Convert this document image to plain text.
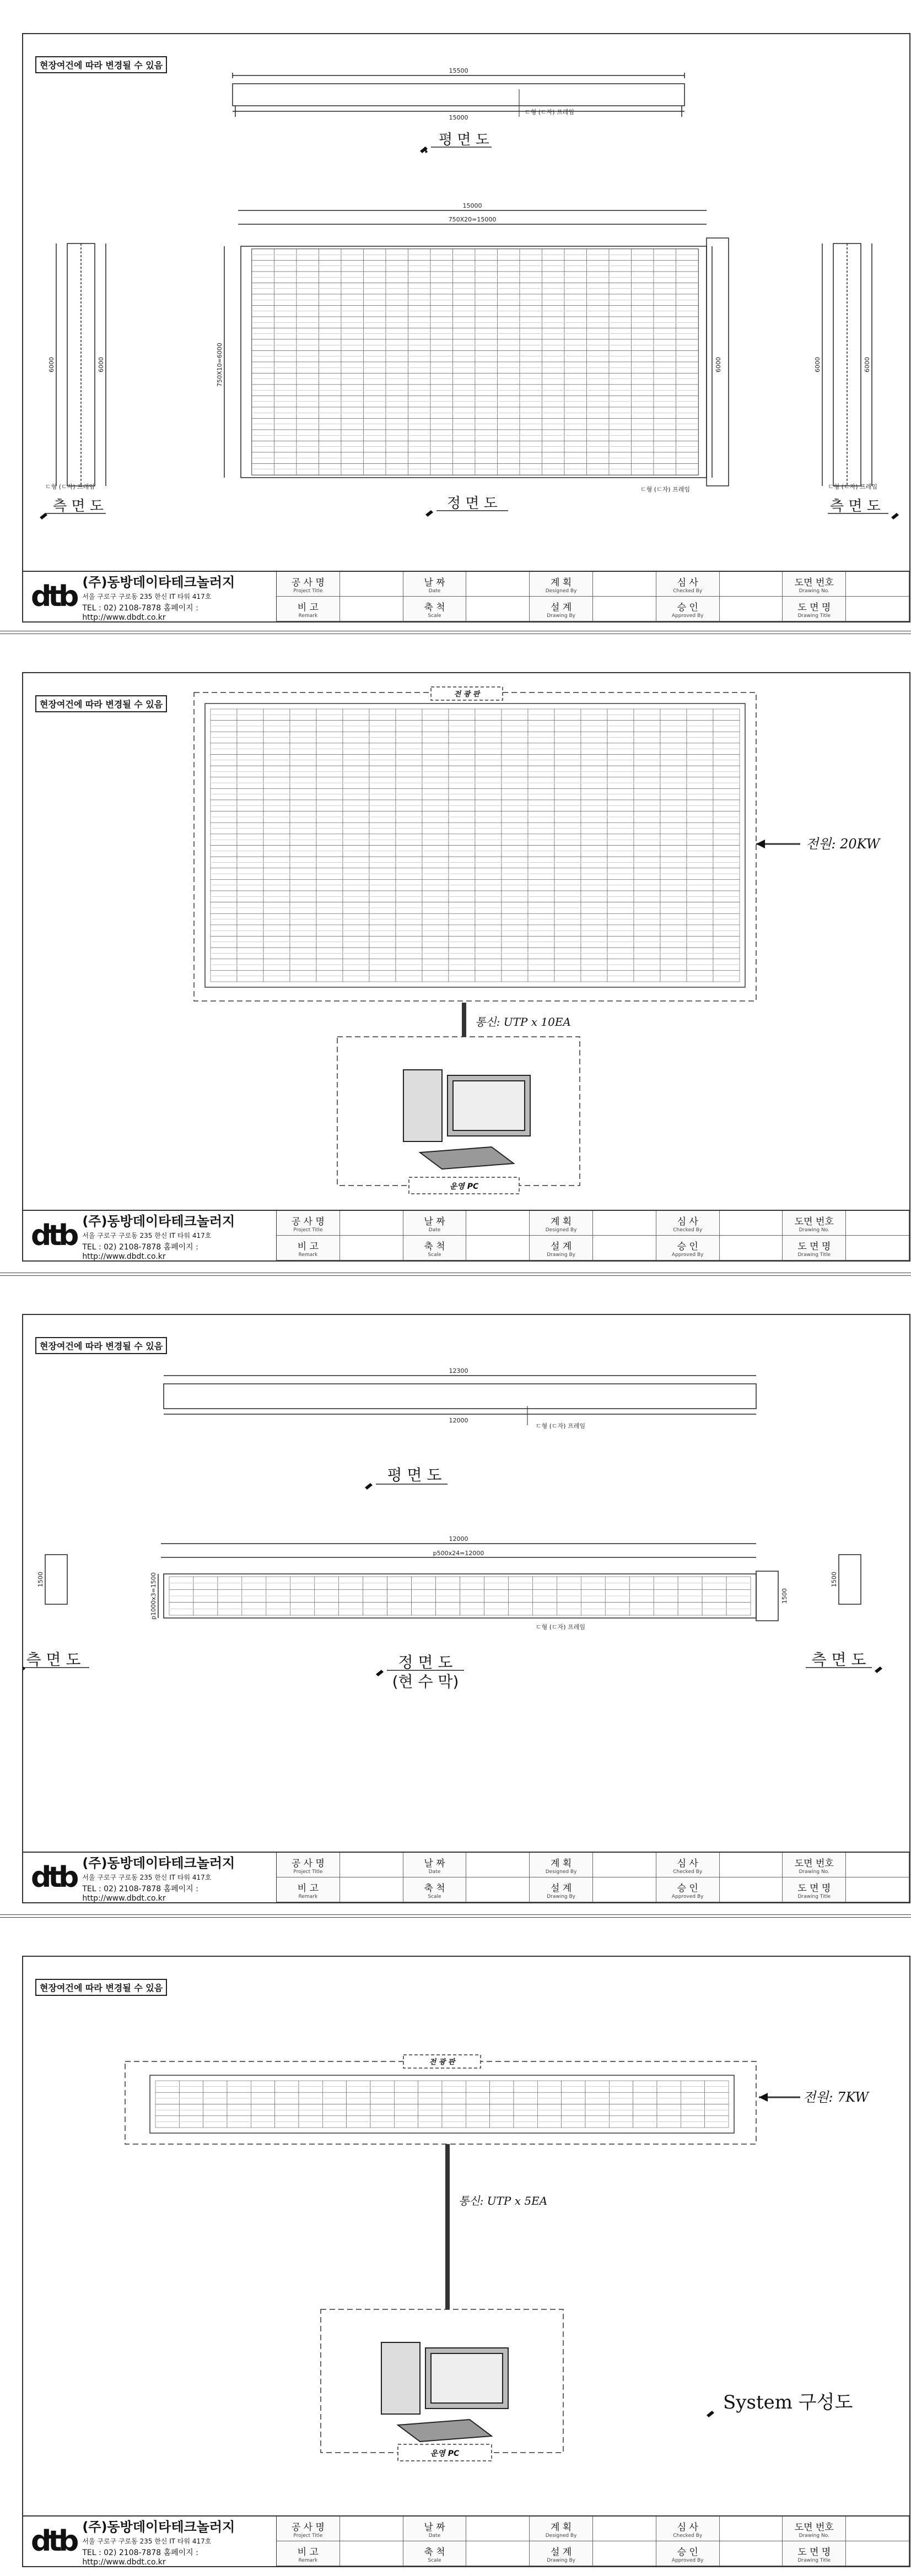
현장여건에 따라 변경될 수 있음
15500
15000
ㄷ형 (ㄷ자) 프레임
15000
750X20=15000
750X10=6000	6000
6000	6000	6000	6000
ㄷ형 (ㄷ자) 프레임
ㄷ형 (ㄷ자) 프레임	ㄷ형 (ㄷ자) 프레임
평 면 도
정 면 도
측 면 도	측 면 도
dtb (주)동방데이타테크놀러지
서울 구로구 구로동 235 한신 IT 타워 417호
TEL : 02) 2108-7878 홈페이지 : http://www.dbdt.co.kr
공 사 명
Project Title
날 짜
Date
계 획
Designed By
심 사
Checked By
도면 번호
Drawing No.
비 고
Remark
축 척
Scale
설 계
Drawing By
승 인
Approved By
도 면 명
Drawing Title
현장여건에 따라 변경될 수 있음
전 광 판
전원: 20KW
통신: UTP x 10EA
운영 PC
dtb (주)동방데이타테크놀러지
서울 구로구 구로동 235 한신 IT 타워 417호
TEL : 02) 2108-7878 홈페이지 : http://www.dbdt.co.kr
공 사 명
Project Title
날 짜
Date
계 획
Designed By
심 사
Checked By
도면 번호
Drawing No.
비 고
Remark
축 척
Scale
설 계
Drawing By
승 인
Approved By
도 면 명
Drawing Title
현장여건에 따라 변경될 수 있음
12300
12000
ㄷ형 (ㄷ자) 프레임
12000
p500x24=12000
p1000x3=1500	1500
1500	1500
ㄷ형 (ㄷ자) 프레임
평 면 도
정 면 도
(현 수 막)
측 면 도	측 면 도
dtb (주)동방데이타테크놀러지
서울 구로구 구로동 235 한신 IT 타워 417호
TEL : 02) 2108-7878 홈페이지 : http://www.dbdt.co.kr
공 사 명
Project Title
날 짜
Date
계 획
Designed By
심 사
Checked By
도면 번호
Drawing No.
비 고
Remark
축 척
Scale
설 계
Drawing By
승 인
Approved By
도 면 명
Drawing Title
현장여건에 따라 변경될 수 있음
전 광 판
전원: 7KW
통신: UTP x 5EA
운영 PC
System 구성도
dtb (주)동방데이타테크놀러지
서울 구로구 구로동 235 한신 IT 타워 417호
TEL : 02) 2108-7878 홈페이지 : http://www.dbdt.co.kr
공 사 명
Project Title
날 짜
Date
계 획
Designed By
심 사
Checked By
도면 번호
Drawing No.
비 고
Remark
축 척
Scale
설 계
Drawing By
승 인
Approved By
도 면 명
Drawing Title
